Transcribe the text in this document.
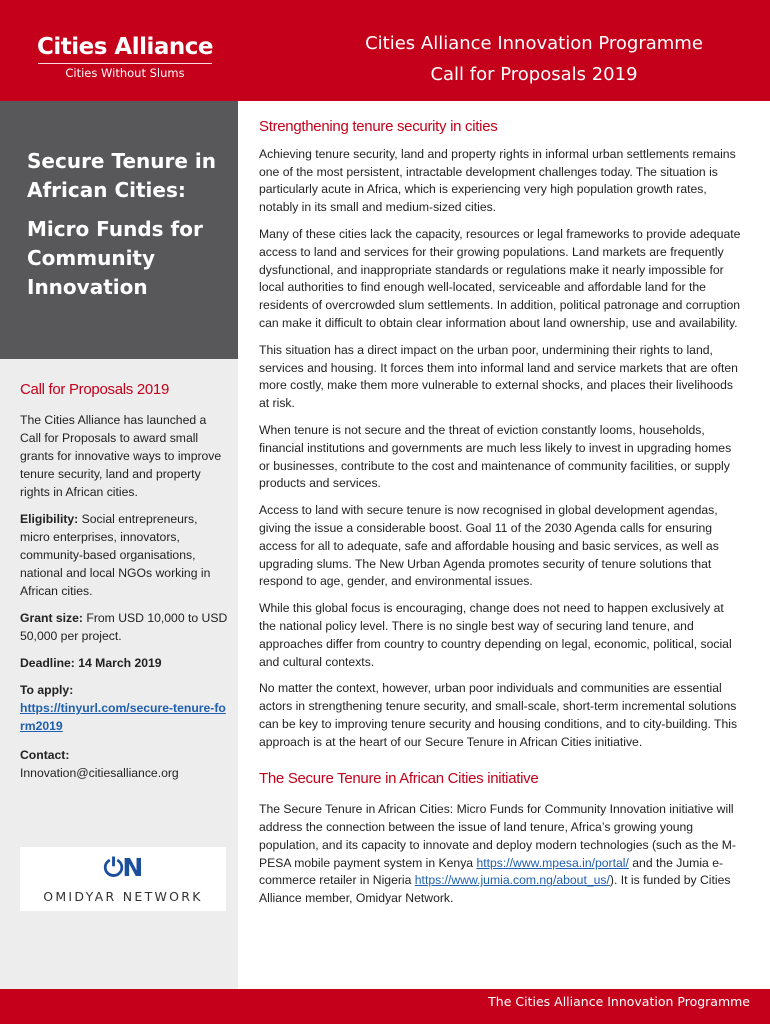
Cities Alliance
Cities Without Slums
Cities Alliance Innovation Programme
Call for Proposals 2019

Secure Tenure in African Cities:

Micro Funds for Community Innovation

Call for Proposals 2019

The Cities Alliance has launched a Call for Proposals to award small grants for innovative ways to improve tenure security, land and property rights in African cities.

Eligibility: Social entrepreneurs, micro enterprises, innovators, community-based organisations, national and local NGOs working in African cities.

Grant size: From USD 10,000 to USD 50,000 per project.

Deadline: 14 March 2019

To apply:
https://tinyurl.com/secure-tenure-form2019

Contact:
Innovation@citiesalliance.org

⏻N
OMIDYAR NETWORK
Strengthening tenure security in cities

Achieving tenure security, land and property rights in informal urban settlements remains one of the most persistent, intractable development challenges today. The situation is particularly acute in Africa, which is experiencing very high population growth rates, notably in its small and medium-sized cities.

Many of these cities lack the capacity, resources or legal frameworks to provide adequate access to land and services for their growing populations. Land markets are frequently dysfunctional, and inappropriate standards or regulations make it nearly impossible for local authorities to find enough well-located, serviceable and affordable land for the residents of overcrowded slum settlements. In addition, political patronage and corruption can make it difficult to obtain clear information about land ownership, use and availability.

This situation has a direct impact on the urban poor, undermining their rights to land, services and housing. It forces them into informal land and service markets that are often more costly, make them more vulnerable to external shocks, and places their livelihoods at risk.

When tenure is not secure and the threat of eviction constantly looms, households, financial institutions and governments are much less likely to invest in upgrading homes or businesses, contribute to the cost and maintenance of community facilities, or supply products and services.

Access to land with secure tenure is now recognised in global development agendas, giving the issue a considerable boost. Goal 11 of the 2030 Agenda calls for ensuring access for all to adequate, safe and affordable housing and basic services, as well as upgrading slums. The New Urban Agenda promotes security of tenure solutions that respond to age, gender, and environmental issues.

While this global focus is encouraging, change does not need to happen exclusively at the national policy level. There is no single best way of securing land tenure, and approaches differ from country to country depending on legal, economic, political, social and cultural contexts.

No matter the context, however, urban poor individuals and communities are essential actors in strengthening tenure security, and small-scale, short-term incremental solutions can be key to improving tenure security and housing conditions, and to city-building. This approach is at the heart of our Secure Tenure in African Cities initiative.

The Secure Tenure in African Cities initiative

The Secure Tenure in African Cities: Micro Funds for Community Innovation initiative will address the connection between the issue of land tenure, Africa’s growing young population, and its capacity to innovate and deploy modern technologies (such as the M-PESA mobile payment system in Kenya https://www.mpesa.in/portal/ and the Jumia e-commerce retailer in Nigeria https://www.jumia.com.ng/about_us/). It is funded by Cities Alliance member, Omidyar Network.

The Cities Alliance Innovation Programme
